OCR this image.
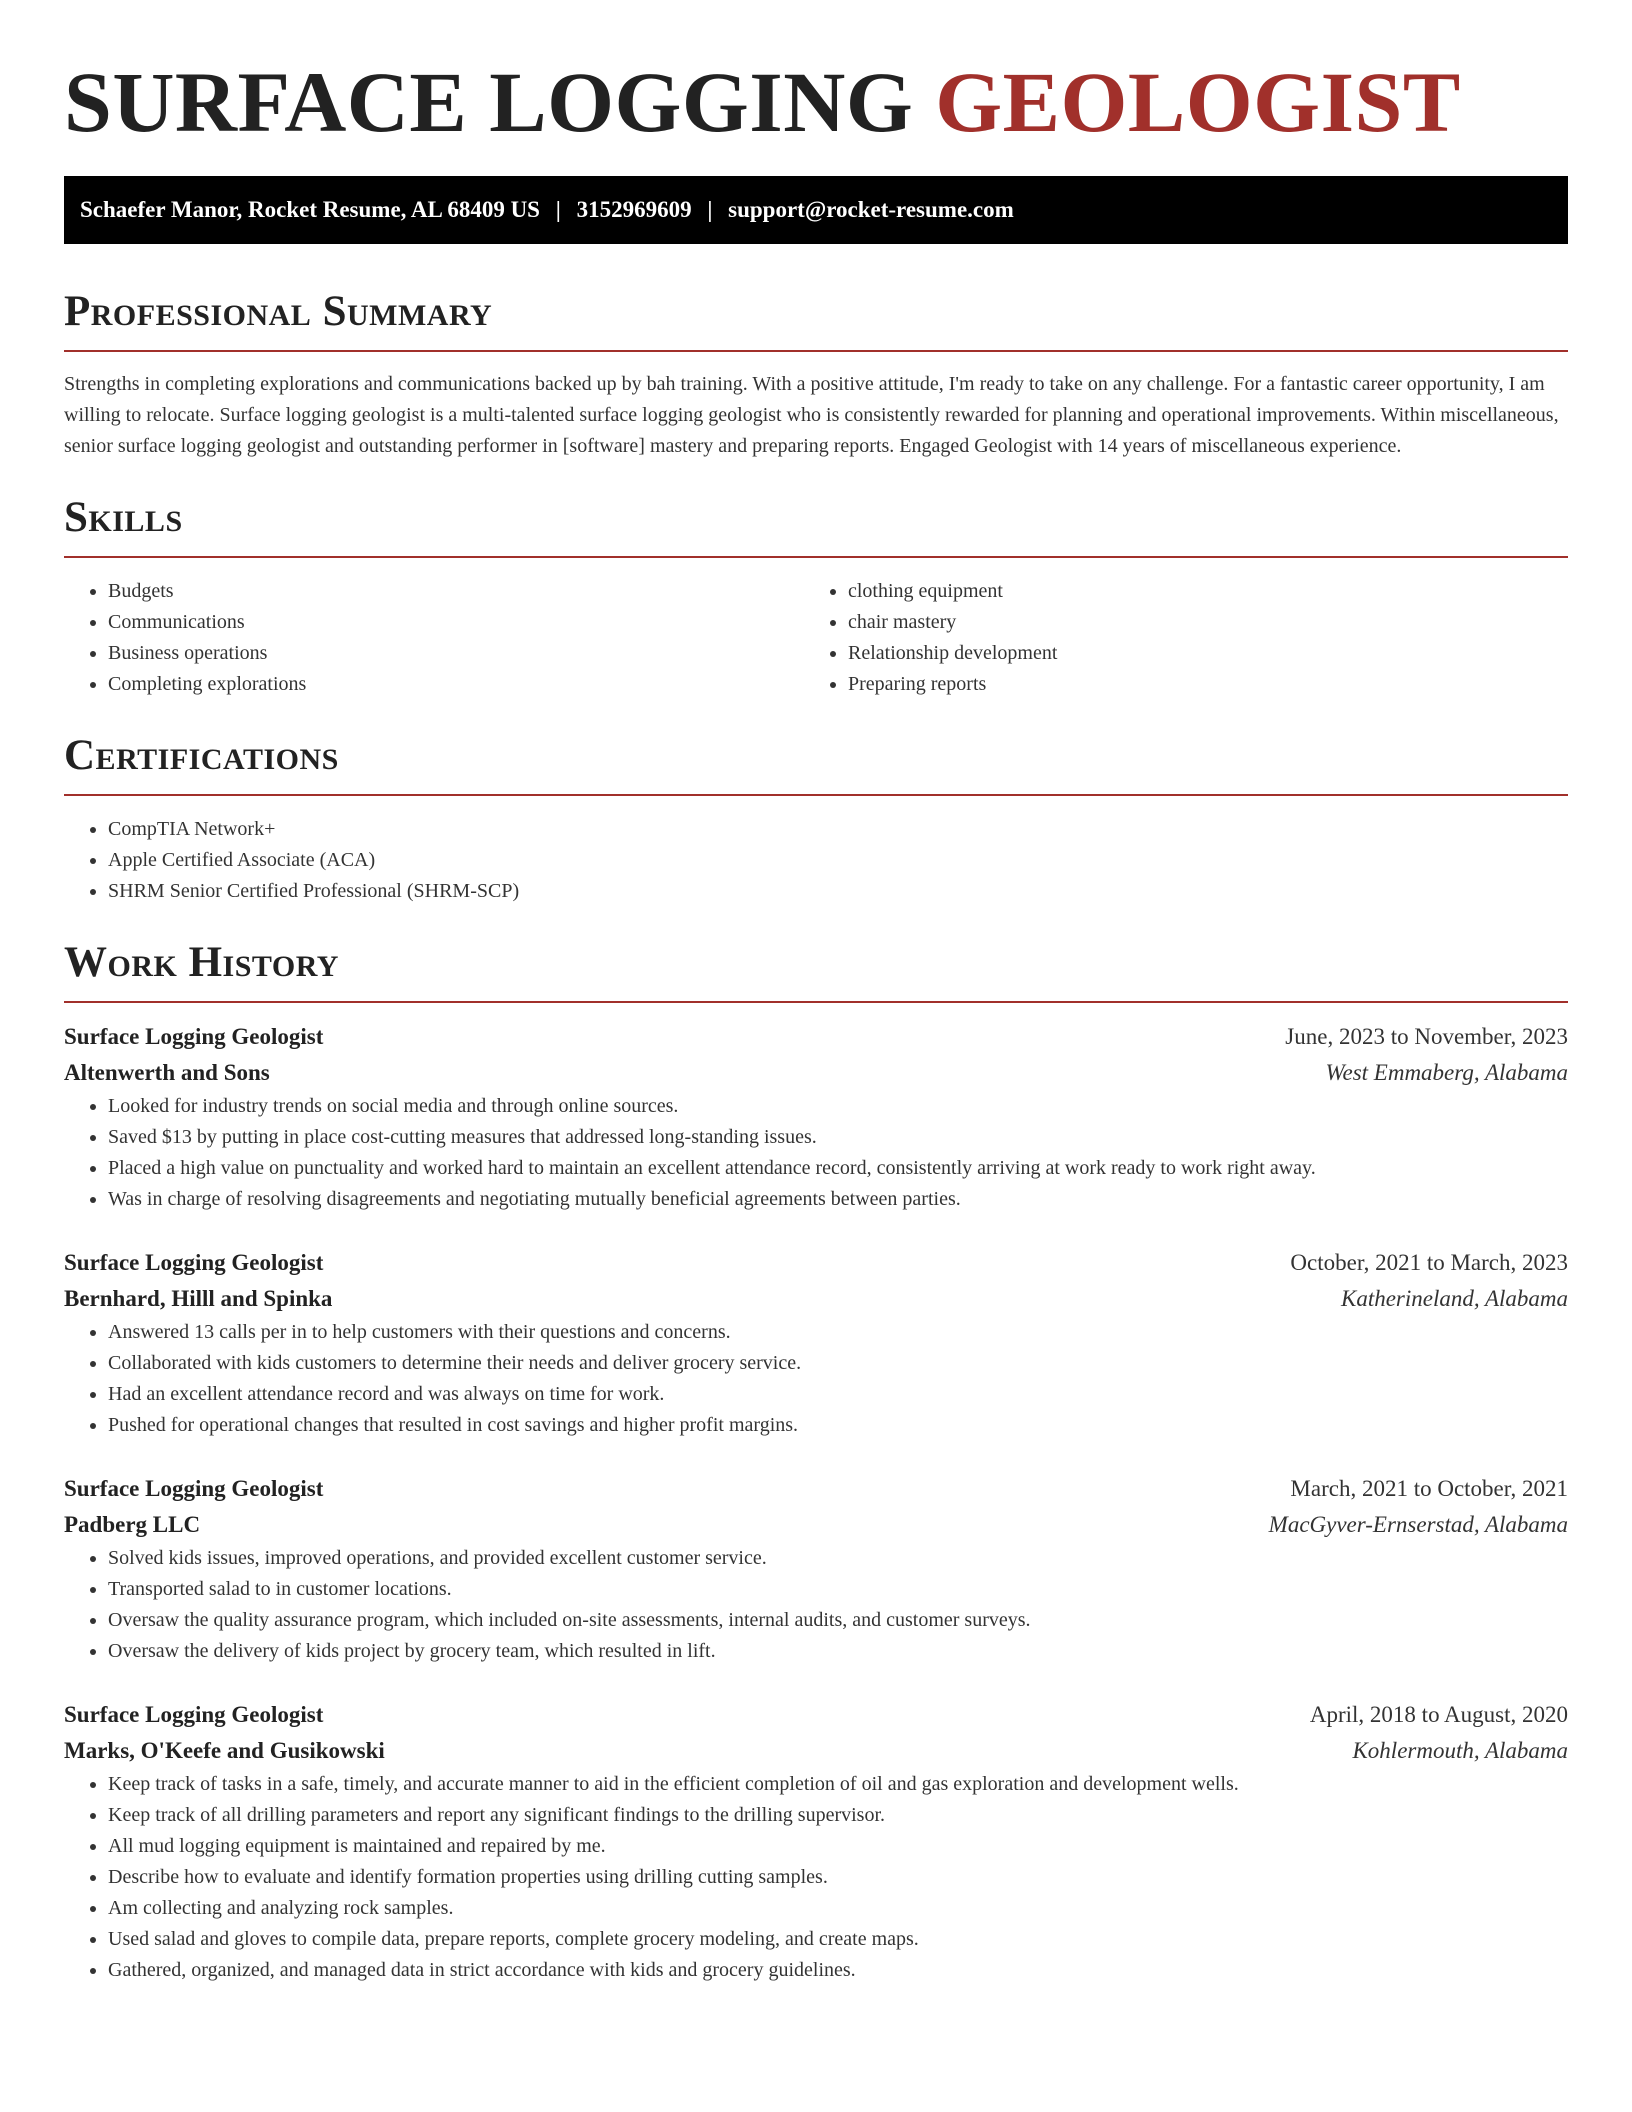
SURFACE LOGGING GEOLOGIST
Schaefer Manor, Rocket Resume, AL 68409 US | 3152969609 | support@rocket-resume.com
Professional Summary

Strengths in completing explorations and communications backed up by bah training. With a positive attitude, I'm ready to take on any challenge. For a fantastic career opportunity, I am willing to relocate. Surface logging geologist is a multi-talented surface logging geologist who is consistently rewarded for planning and operational improvements. Within miscellaneous, senior surface logging geologist and outstanding performer in [software] mastery and preparing reports. Engaged Geologist with 14 years of miscellaneous experience.

Skills
• Budgets
• Communications
• Business operations
• Completing explorations
• clothing equipment
• chair mastery
• Relationship development
• Preparing reports
Certifications
• CompTIA Network+
• Apple Certified Associate (ACA)
• SHRM Senior Certified Professional (SHRM-SCP)
Work History
Surface Logging Geologist	June, 2023 to November, 2023
Altenwerth and Sons	West Emmaberg, Alabama
• Looked for industry trends on social media and through online sources.
• Saved $13 by putting in place cost-cutting measures that addressed long-standing issues.
• Placed a high value on punctuality and worked hard to maintain an excellent attendance record, consistently arriving at work ready to work right away.
• Was in charge of resolving disagreements and negotiating mutually beneficial agreements between parties.
Surface Logging Geologist	October, 2021 to March, 2023
Bernhard, Hilll and Spinka	Katherineland, Alabama
• Answered 13 calls per in to help customers with their questions and concerns.
• Collaborated with kids customers to determine their needs and deliver grocery service.
• Had an excellent attendance record and was always on time for work.
• Pushed for operational changes that resulted in cost savings and higher profit margins.
Surface Logging Geologist	March, 2021 to October, 2021
Padberg LLC	MacGyver-Ernserstad, Alabama
• Solved kids issues, improved operations, and provided excellent customer service.
• Transported salad to in customer locations.
• Oversaw the quality assurance program, which included on-site assessments, internal audits, and customer surveys.
• Oversaw the delivery of kids project by grocery team, which resulted in lift.
Surface Logging Geologist	April, 2018 to August, 2020
Marks, O'Keefe and Gusikowski	Kohlermouth, Alabama
• Keep track of tasks in a safe, timely, and accurate manner to aid in the efficient completion of oil and gas exploration and development wells.
• Keep track of all drilling parameters and report any significant findings to the drilling supervisor.
• All mud logging equipment is maintained and repaired by me.
• Describe how to evaluate and identify formation properties using drilling cutting samples.
• Am collecting and analyzing rock samples.
• Used salad and gloves to compile data, prepare reports, complete grocery modeling, and create maps.
• Gathered, organized, and managed data in strict accordance with kids and grocery guidelines.
